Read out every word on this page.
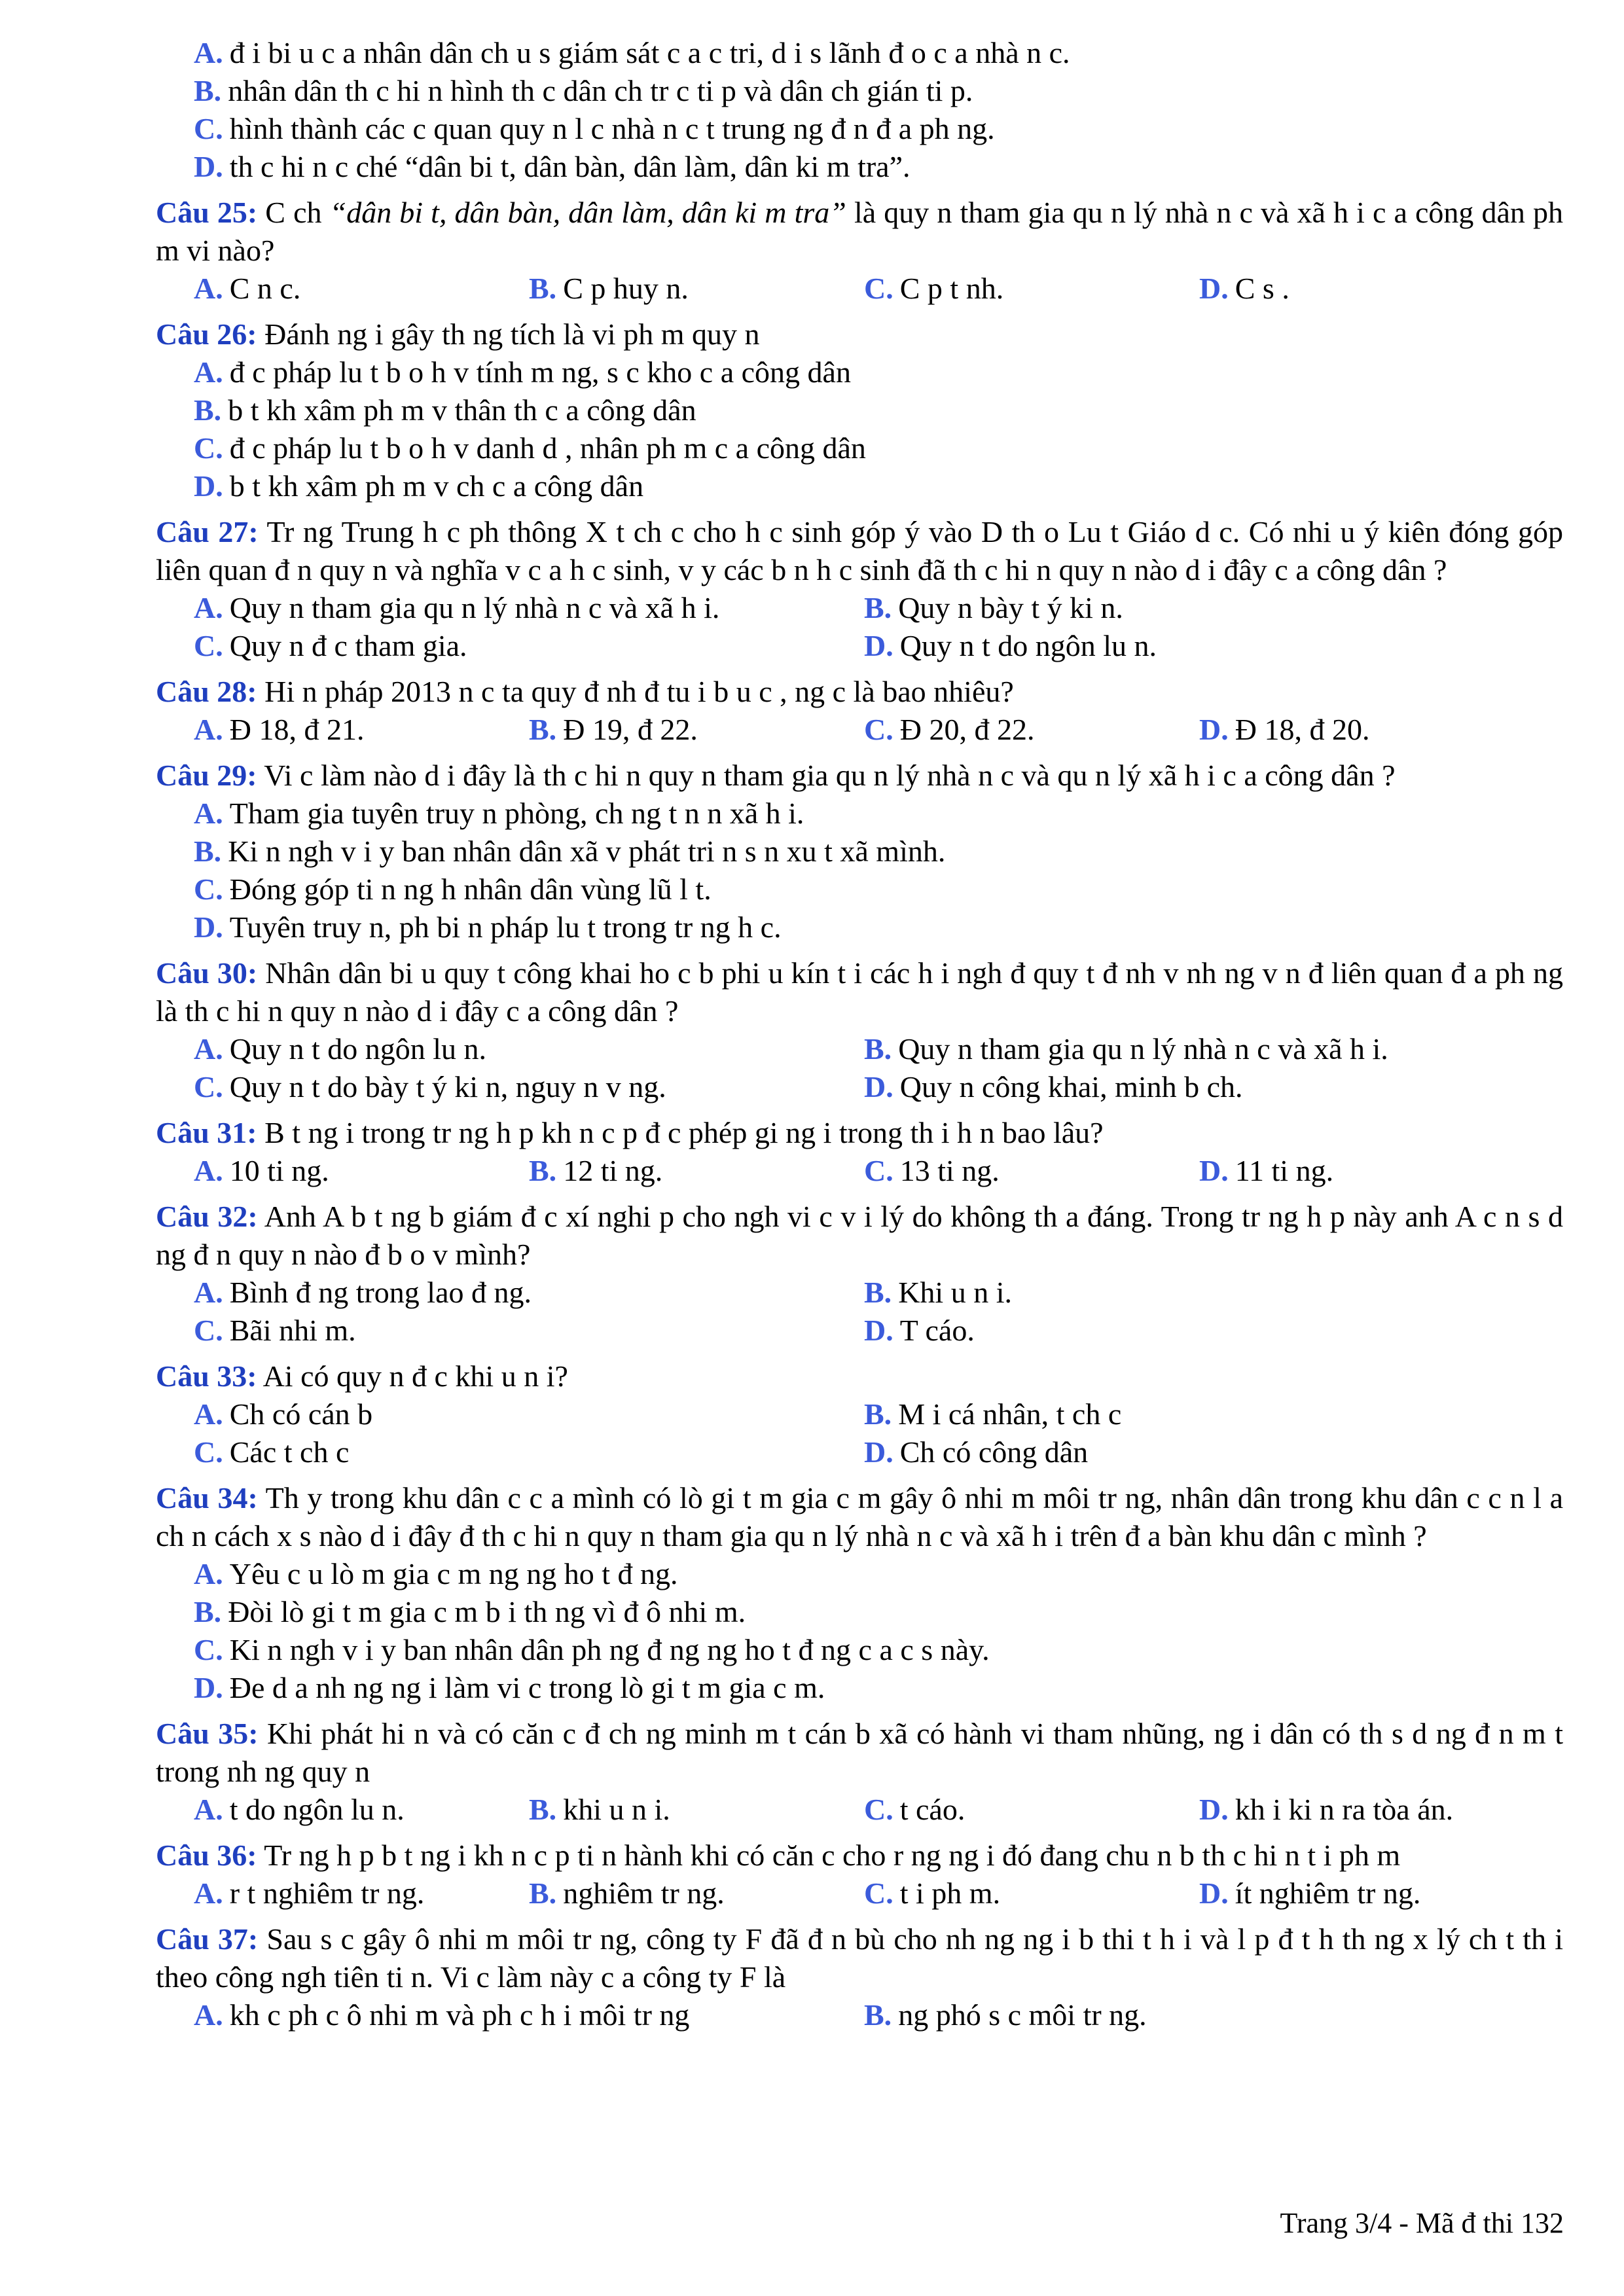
A. đ i bi u c a nhân dân ch u s giám sát c a c tri, d i s lãnh đ o c a nhà n c.
B. nhân dân th c hi n hình th c dân ch tr c ti p và dân ch gián ti p.
C. hình thành các c quan quy n l c nhà n c t trung ng đ n đ a ph ng.
D. th c hi n c ché “dân bi t, dân bàn, dân làm, dân ki m tra”.
Câu 25: C ch “dân bi t, dân bàn, dân làm, dân ki m tra” là quy n tham gia qu n lý nhà n c và xã h i c a công dân ph m vi nào?
A. C n c.	B. C p huy n.	C. C p t nh.	D. C s .
Câu 26: Đánh ng i gây th ng tích là vi ph m quy n
A. đ c pháp lu t b o h v tính m ng, s c kho c a công dân
B. b t kh xâm ph m v thân th c a công dân
C. đ c pháp lu t b o h v danh d , nhân ph m c a công dân
D. b t kh xâm ph m v ch c a công dân
Câu 27: Tr ng Trung h c ph thông X t ch c cho h c sinh góp ý vào D th o Lu t Giáo d c. Có nhi u ý kiên đóng góp liên quan đ n quy n và nghĩa v c a h c sinh, v y các b n h c sinh đã th c hi n quy n nào d i đây c a công dân ?
A. Quy n tham gia qu n lý nhà n c và xã h i.	B. Quy n bày t ý ki n.
C. Quy n đ c tham gia.	D. Quy n t do ngôn lu n.
Câu 28: Hi n pháp 2013 n c ta quy đ nh đ tu i b u c , ng c là bao nhiêu?
A. Đ 18, đ 21.	B. Đ 19, đ 22.	C. Đ 20, đ 22.	D. Đ 18, đ 20.
Câu 29: Vi c làm nào d i đây là th c hi n quy n tham gia qu n lý nhà n c và qu n lý xã h i c a công dân ?
A. Tham gia tuyên truy n phòng, ch ng t n n xã h i.
B. Ki n ngh v i y ban nhân dân xã v phát tri n s n xu t xã mình.
C. Đóng góp ti n ng h nhân dân vùng lũ l t.
D. Tuyên truy n, ph bi n pháp lu t trong tr ng h c.
Câu 30: Nhân dân bi u quy t công khai ho c b phi u kín t i các h i ngh đ quy t đ nh v nh ng v n đ liên quan đ a ph ng là th c hi n quy n nào d i đây c a công dân ?
A. Quy n t do ngôn lu n.	B. Quy n tham gia qu n lý nhà n c và xã h i.
C. Quy n t do bày t ý ki n, nguy n v ng.	D. Quy n công khai, minh b ch.
Câu 31: B t ng i trong tr ng h p kh n c p đ c phép gi ng i trong th i h n bao lâu?
A. 10 ti ng.	B. 12 ti ng.	C. 13 ti ng.	D. 11 ti ng.
Câu 32: Anh A b t ng b giám đ c xí nghi p cho ngh vi c v i lý do không th a đáng. Trong tr ng h p này anh A c n s d ng đ n quy n nào đ b o v mình?
A. Bình đ ng trong lao đ ng.	B. Khi u n i.
C. Bãi nhi m.	D. T cáo.
Câu 33: Ai có quy n đ c khi u n i?
A. Ch có cán b	B. M i cá nhân, t ch c
C. Các t ch c	D. Ch có công dân
Câu 34: Th y trong khu dân c c a mình có lò gi t m gia c m gây ô nhi m môi tr ng, nhân dân trong khu dân c c n l a ch n cách x s nào d i đây đ th c hi n quy n tham gia qu n lý nhà n c và xã h i trên đ a bàn khu dân c mình ?
A. Yêu c u lò m gia c m ng ng ho t đ ng.
B. Đòi lò gi t m gia c m b i th ng vì đ ô nhi m.
C. Ki n ngh v i y ban nhân dân ph ng đ ng ng ho t đ ng c a c s này.
D. Đe d a nh ng ng i làm vi c trong lò gi t m gia c m.
Câu 35: Khi phát hi n và có căn c đ ch ng minh m t cán b xã có hành vi tham nhũng, ng i dân có th s d ng đ n m t trong nh ng quy n
A. t do ngôn lu n.	B. khi u n i.	C. t cáo.	D. kh i ki n ra tòa án.
Câu 36: Tr ng h p b t ng i kh n c p ti n hành khi có căn c cho r ng ng i đó đang chu n b th c hi n t i ph m
A. r t nghiêm tr ng.	B. nghiêm tr ng.	C. t i ph m.	D. ít nghiêm tr ng.
Câu 37: Sau s c gây ô nhi m môi tr ng, công ty F đã đ n bù cho nh ng ng i b thi t h i và l p đ t h th ng x lý ch t th i theo công ngh tiên ti n. Vi c làm này c a công ty F là
A. kh c ph c ô nhi m và ph c h i môi tr ng	B. ng phó s c môi tr ng.
Trang 3/4 - Mã đ thi 132
